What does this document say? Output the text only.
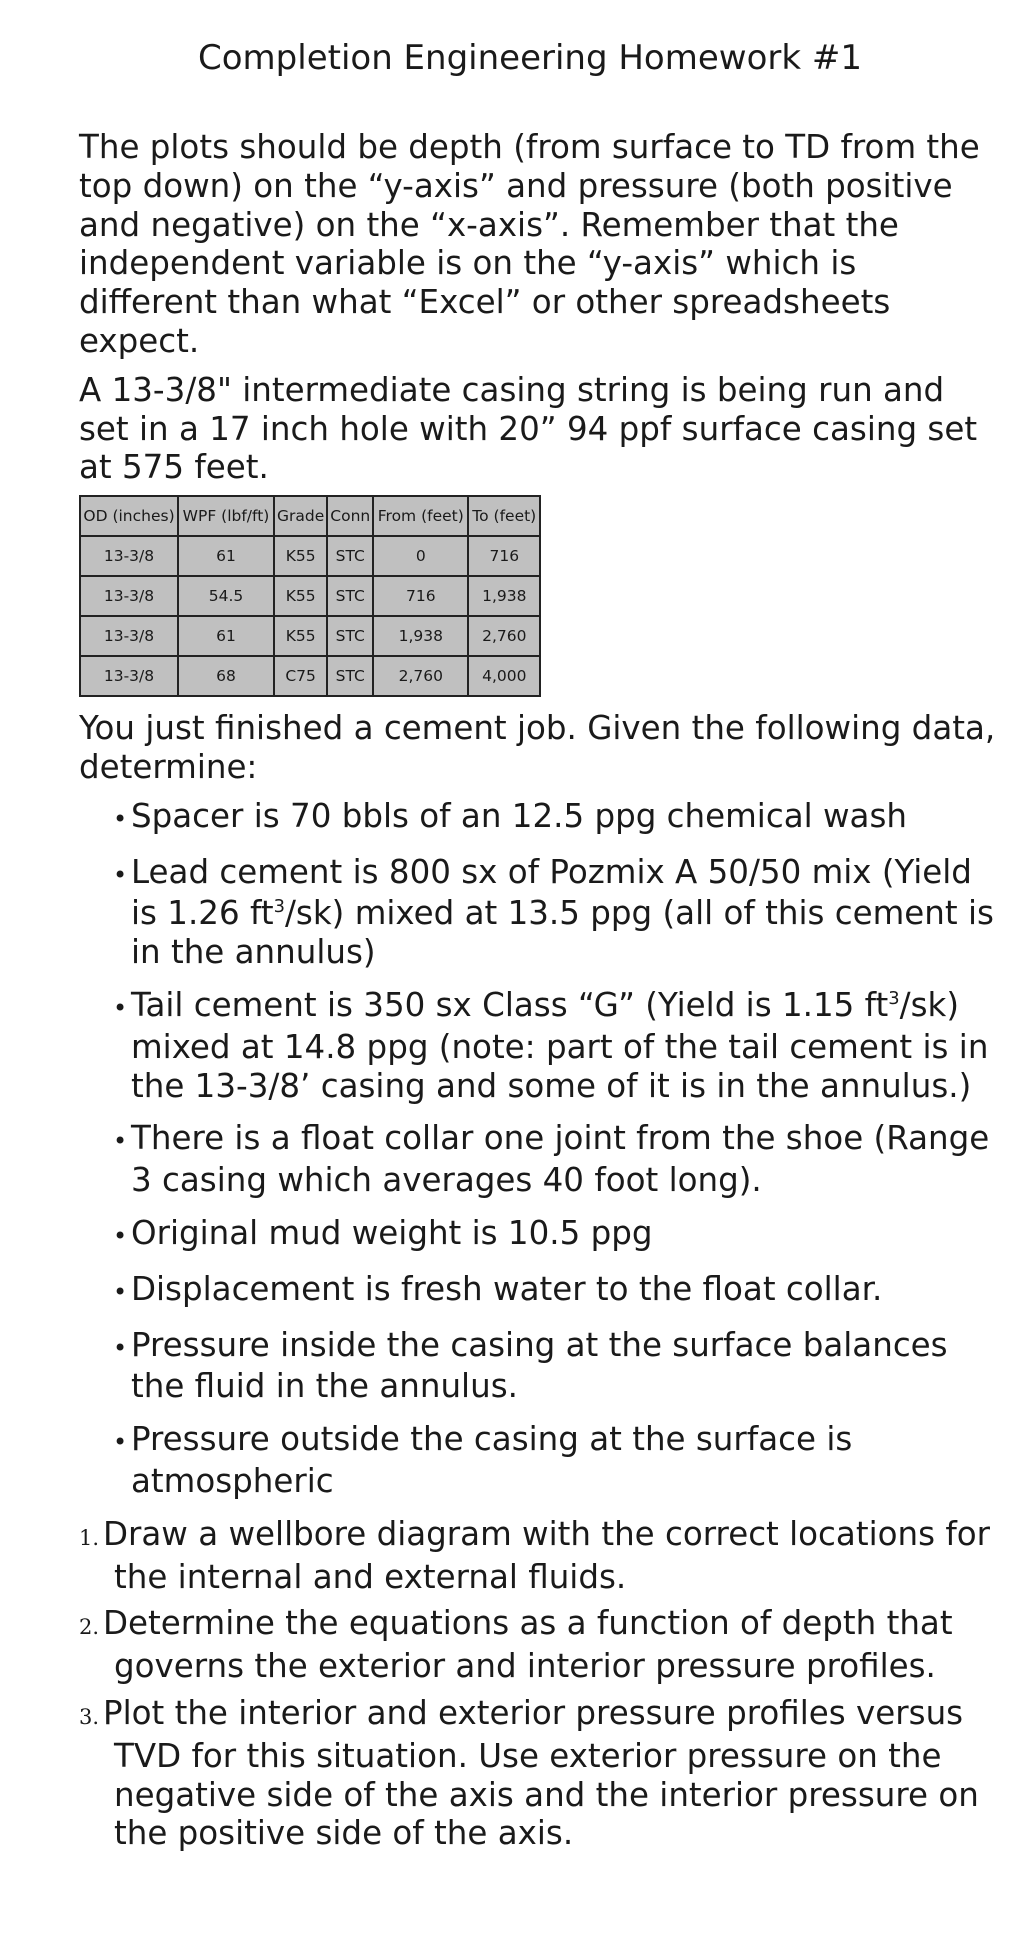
Completion Engineering Homework #1

The plots should be depth (from surface to TD from the top down) on the “y-axis” and pressure (both positive and negative) on the “x-axis”. Remember that the independent variable is on the “y-axis” which is different than what “Excel” or other spreadsheets expect.

A 13-3/8" intermediate casing string is being run and set in a 17 inch hole with 20” 94 ppf surface casing set at 575 feet.

OD (inches)	WPF (lbf/ft)	Grade	Conn	From (feet)	To (feet)
13-3/8	61	K55	STC	0	716
13-3/8	54.5	K55	STC	716	1,938
13-3/8	61	K55	STC	1,938	2,760
13-3/8	68	C75	STC	2,760	4,000

You just finished a cement job. Given the following data, determine:

• Spacer is 70 bbls of an 12.5 ppg chemical wash
• Lead cement is 800 sx of Pozmix A 50/50 mix (Yield is 1.26 $ft^3/sk$) mixed at 13.5 ppg (all of this cement is in the annulus)
• Tail cement is 350 sx Class “G” (Yield is 1.15 $ft^3/sk$) mixed at 14.8 ppg (note: part of the tail cement is in the 13-3/8’ casing and some of it is in the annulus.)
• There is a float collar one joint from the shoe (Range 3 casing which averages 40 foot long).
• Original mud weight is 10.5 ppg
• Displacement is fresh water to the float collar.
• Pressure inside the casing at the surface balances the fluid in the annulus.
• Pressure outside the casing at the surface is atmospheric
1. Draw a wellbore diagram with the correct locations for the internal and external fluids.
2. Determine the equations as a function of depth that governs the exterior and interior pressure profiles.
3. Plot the interior and exterior pressure profiles versus TVD for this situation. Use exterior pressure on the negative side of the axis and the interior pressure on the positive side of the axis.
